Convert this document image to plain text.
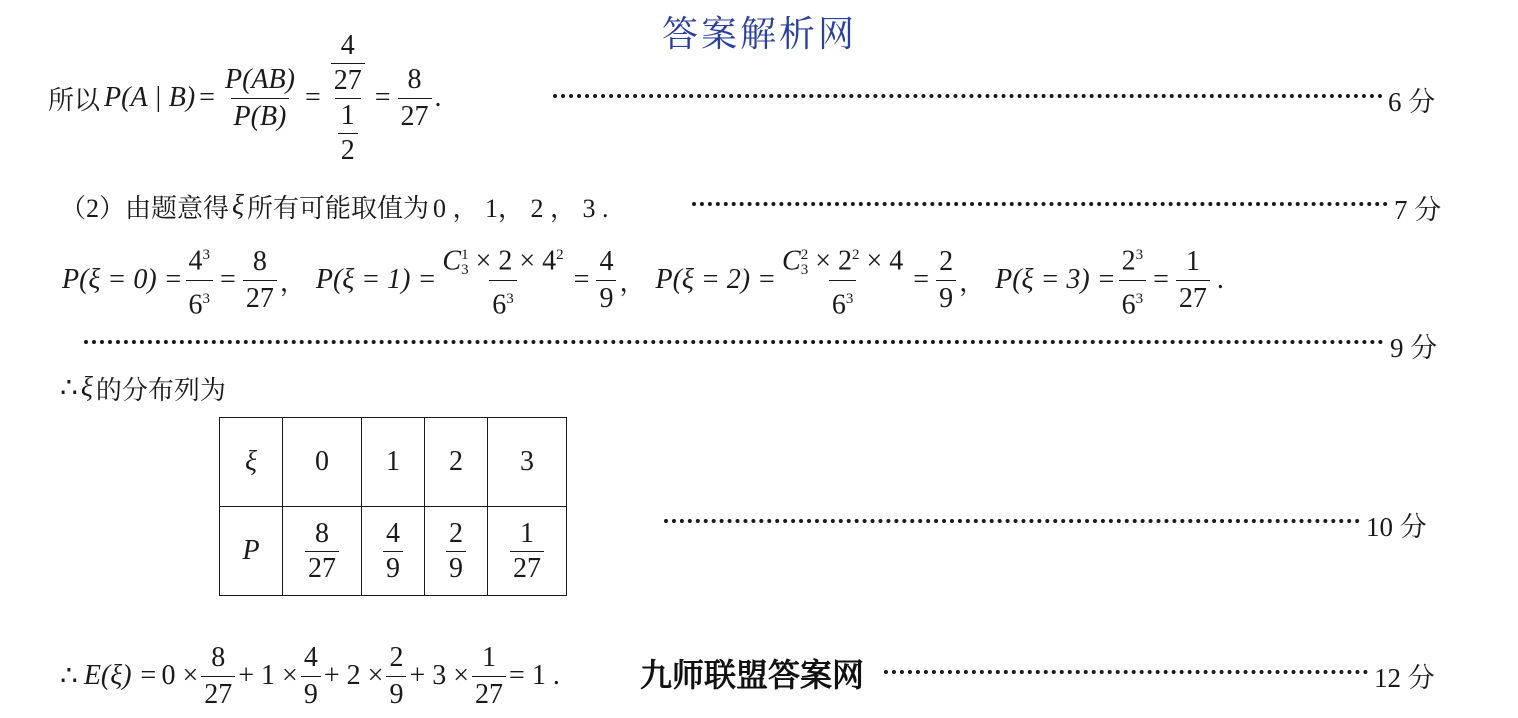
答案解析网
所以 P(A | $B) = \frac{P(AB)}{P(B)} = \frac{\frac{4}{27}}{\frac{1}{2}} = \frac{8}{27}$ .	6 分
（2）由题意得 ξ 所有可能取值为 0 ， 1， 2 ， 3 .	7 分
$P(\xi = 0) = \frac{4^3}{6^3} = \frac{8}{27}$ ， P(ξ = 1) = C 1
$3 \times 2 \times 4^2$
$6^3 = \frac{4}{9}$ ， P(ξ = 2) = C 2
$3 \times 2^2 \times 4$
$6^3 = \frac{2}{9}$ ， $P(\xi = 3) = \frac{2^3}{6^3} = \frac{1}{27}$ .
9 分
∴ ξ 的分布列为
ξ	0	1	2	3
P	$\frac{8}{27}$	$\frac{4}{9}$	$\frac{2}{9}$	$\frac{1}{27}$	10 分
∴ $E(\xi) = 0 \times \frac{8}{27} + 1 \times \frac{4}{9} + 2 \times \frac{2}{9} + 3 \times \frac{1}{27} = 1$ .	九师联盟答案网	12 分
